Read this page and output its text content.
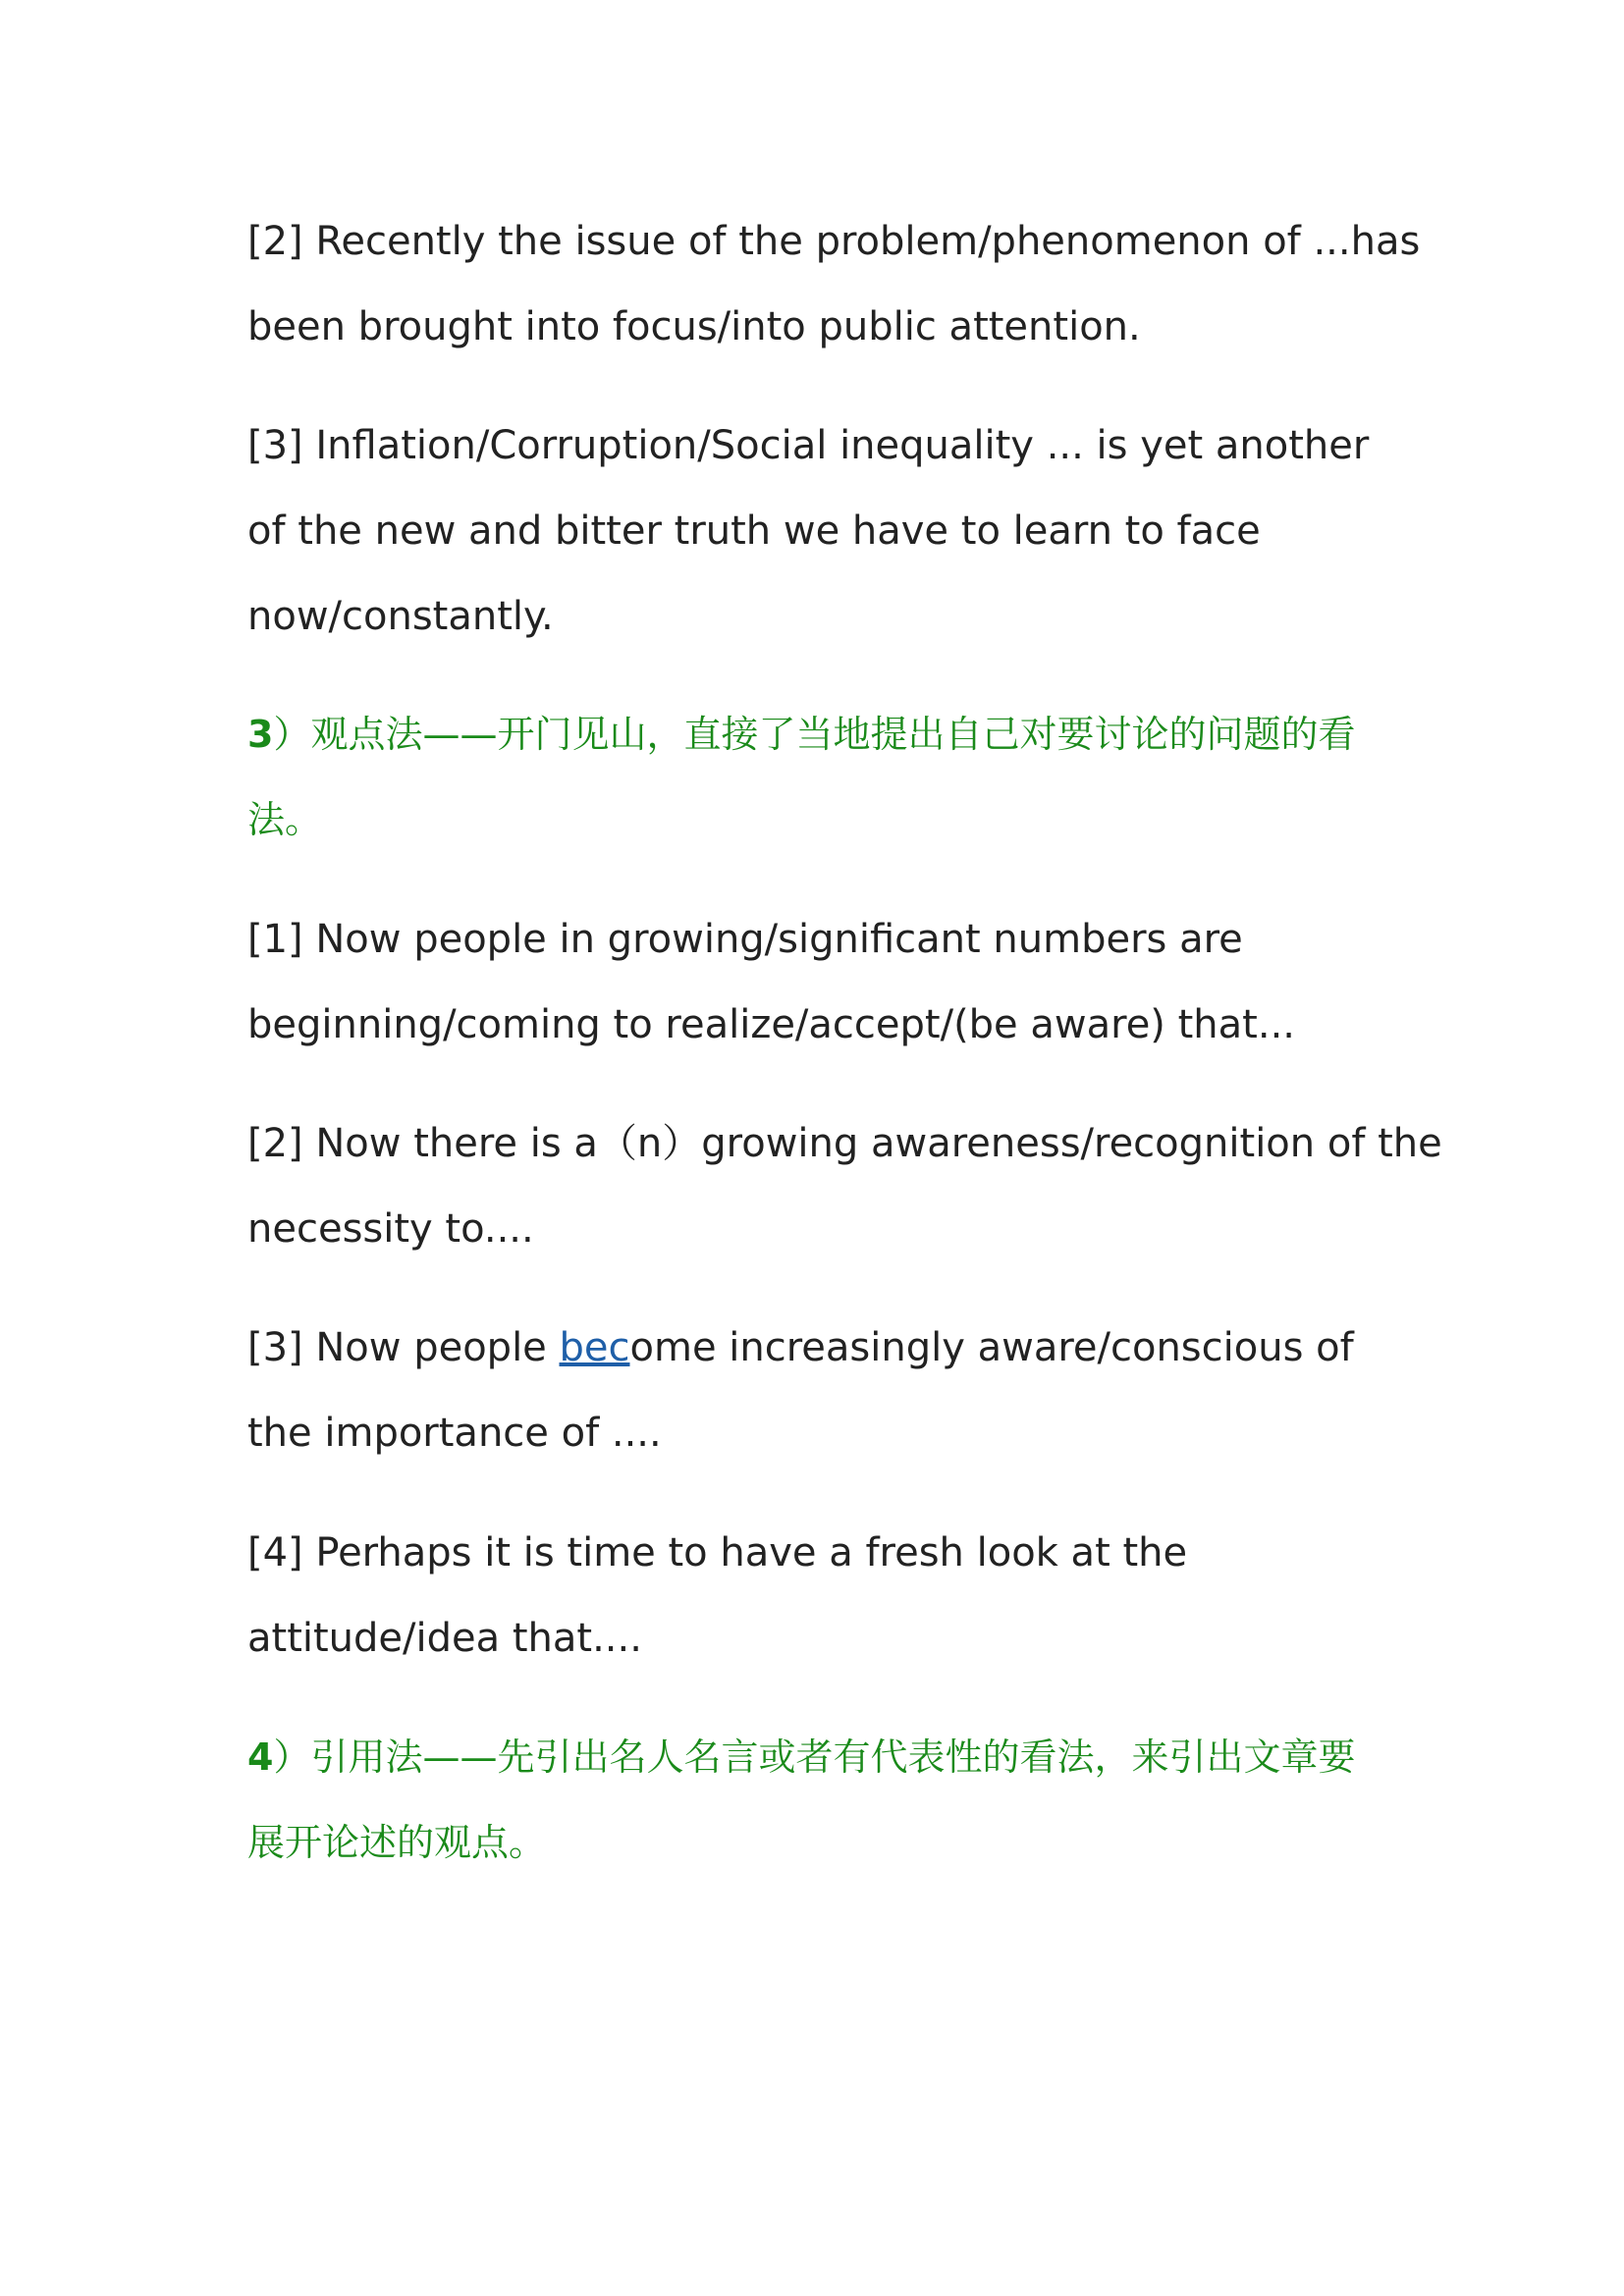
[2] Recently the issue of the problem/phenomenon of ...has
been brought into focus/into public attention.

[3] Inflation/Corruption/Social inequality ... is yet another
of the new and bitter truth we have to learn to face
now/constantly.

3）观点法——开门见山，直接了当地提出自己对要讨论的问题的看
法。

[1] Now people in growing/significant numbers are
beginning/coming to realize/accept/(be aware) that...

[2] Now there is a（n）growing awareness/recognition of the
necessity to....

[3] Now people become increasingly aware/conscious of
the importance of ....

[4] Perhaps it is time to have a fresh look at the
attitude/idea that....

4）引用法——先引出名人名言或者有代表性的看法，来引出文章要
展开论述的观点。
